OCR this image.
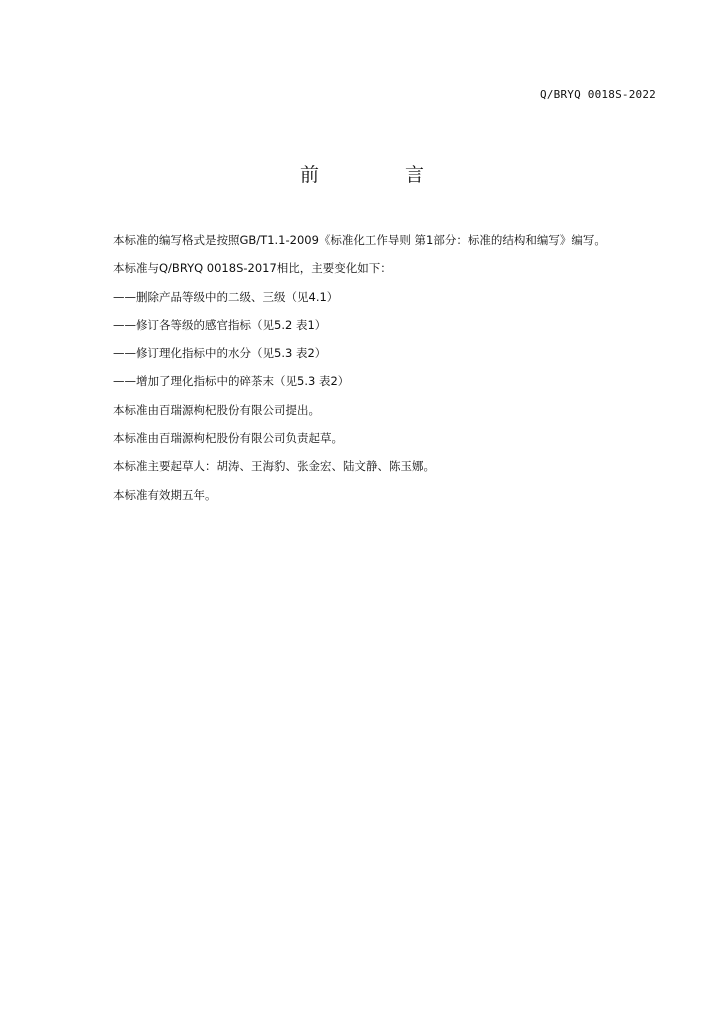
Q/BRYQ 0018S-2022
前 言
本标准的编写格式是按照GB/T1.1-2009《标准化工作导则 第1部分：标准的结构和编写》编写。
本标准与Q/BRYQ 0018S-2017相比，主要变化如下：
——删除产品等级中的二级、三级（见4.1）
——修订各等级的感官指标（见5.2 表1）
——修订理化指标中的水分（见5.3 表2）
——增加了理化指标中的碎茶末（见5.3 表2）
本标准由百瑞源枸杞股份有限公司提出。
本标准由百瑞源枸杞股份有限公司负责起草。
本标准主要起草人：胡涛、王海豹、张金宏、陆文静、陈玉娜。
本标准有效期五年。
